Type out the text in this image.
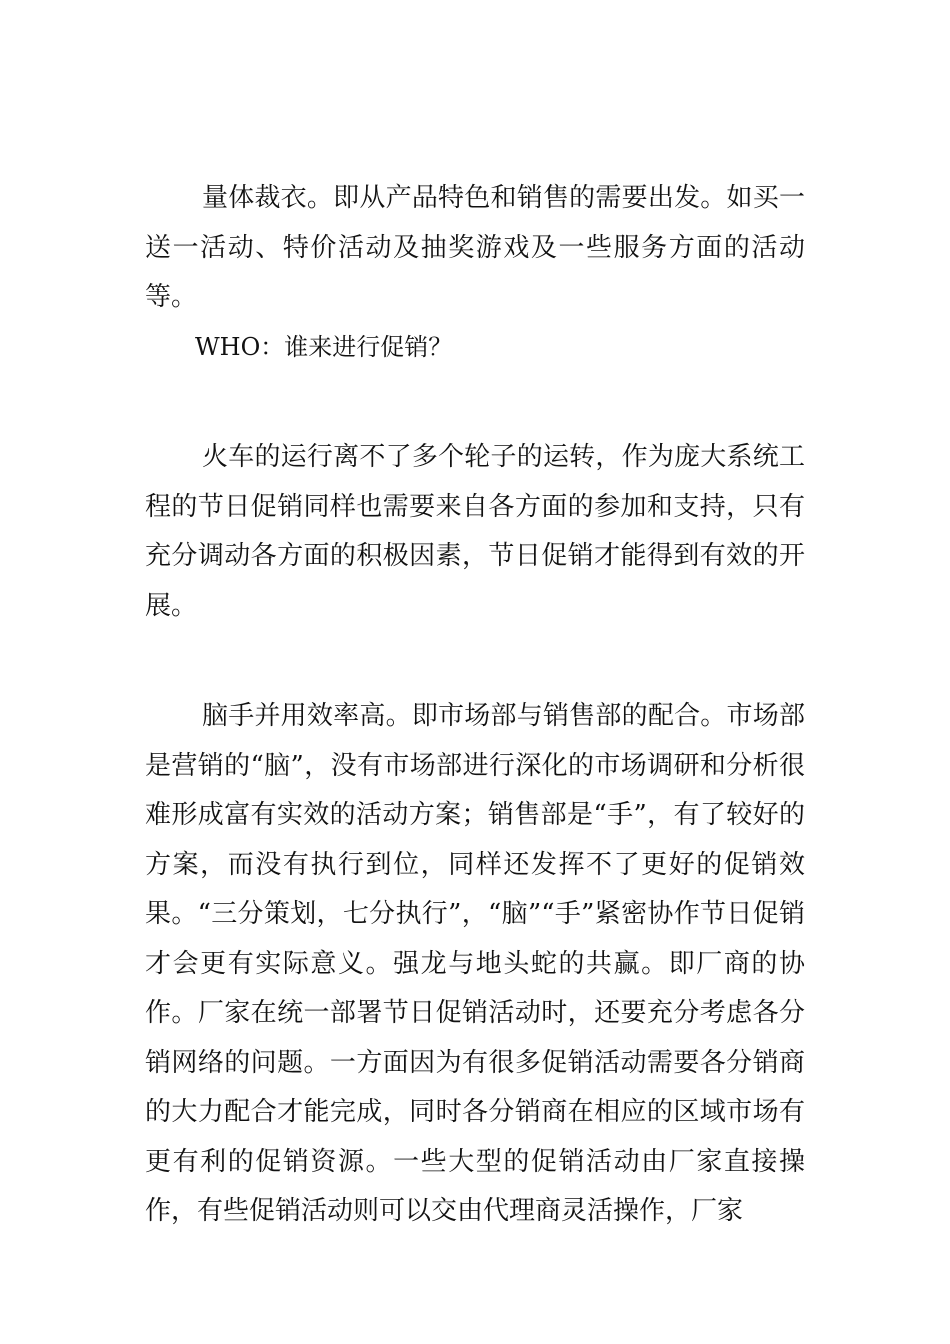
量体裁衣。即从产品特色和销售的需要出发。如买一送一活动、特价活动及抽奖游戏及一些服务方面的活动等。

WHO：谁来进行促销？

火车的运行离不了多个轮子的运转，作为庞大系统工程的节日促销同样也需要来自各方面的参加和支持，只有充分调动各方面的积极因素，节日促销才能得到有效的开展。

脑手并用效率高。即市场部与销售部的配合。市场部是营销的“脑”，没有市场部进行深化的市场调研和分析很难形成富有实效的活动方案；销售部是“手”，有了较好的方案，而没有执行到位，同样还发挥不了更好的促销效果。“三分策划，七分执行”，“脑”“手”紧密协作节日促销才会更有实际意义。强龙与地头蛇的共赢。即厂商的协作。厂家在统一部署节日促销活动时，还要充分考虑各分销网络的问题。一方面因为有很多促销活动需要各分销商的大力配合才能完成，同时各分销商在相应的区域市场有更有利的促销资源。一些大型的促销活动由厂家直接操作，有些促销活动则可以交由代理商灵活操作，厂家
